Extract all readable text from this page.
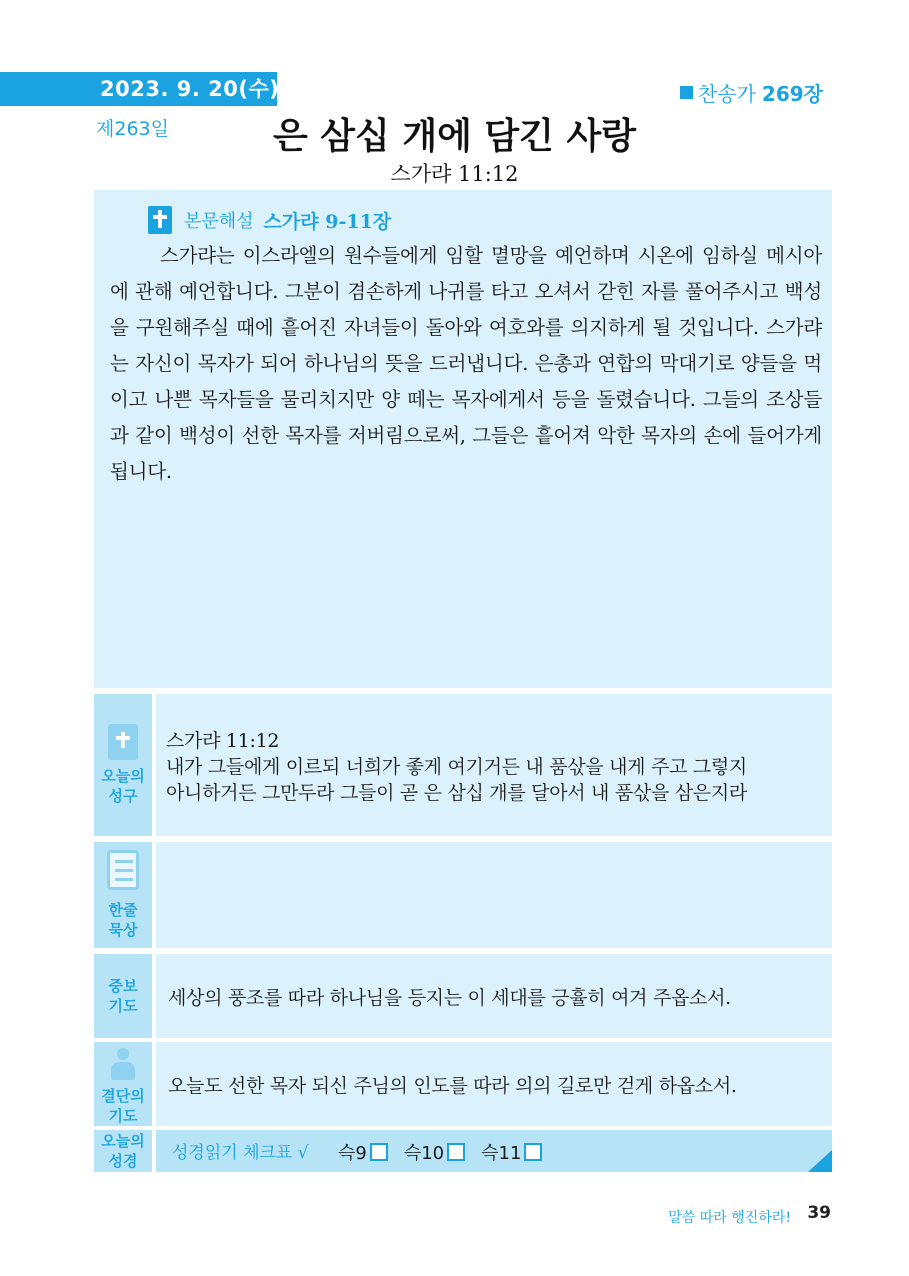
2023. 9. 20(수)
제263일
찬송가 269장
은 삼십 개에 담긴 사랑
스가랴 11:12
본문해설 스가랴 9-11장

스가랴는 이스라엘의 원수들에게 임할 멸망을 예언하며 시온에 임하실 메시아에 관해 예언합니다. 그분이 겸손하게 나귀를 타고 오셔서 갇힌 자를 풀어주시고 백성을 구원해주실 때에 흩어진 자녀들이 돌아와 여호와를 의지하게 될 것입니다. 스가랴는 자신이 목자가 되어 하나님의 뜻을 드러냅니다. 은총과 연합의 막대기로 양들을 먹이고 나쁜 목자들을 물리치지만 양 떼는 목자에게서 등을 돌렸습니다. 그들의 조상들과 같이 백성이 선한 목자를 저버림으로써, 그들은 흩어져 악한 목자의 손에 들어가게 됩니다.

오늘의
성구
스가랴 11:12
내가 그들에게 이르되 너희가 좋게 여기거든 내 품삯을 내게 주고 그렇지
아니하거든 그만두라 그들이 곧 은 삼십 개를 달아서 내 품삯을 삼은지라
한줄
묵상
중보
기도 세상의 풍조를 따라 하나님을 등지는 이 세대를 긍휼히 여겨 주옵소서.
결단의
기도
오늘도 선한 목자 되신 주님의 인도를 따라 의의 길로만 걷게 하옵소서.
오늘의
성경 성경읽기 체크표 √ 슥9 슥10 슥11
말씀 따라 행진하라! 39
